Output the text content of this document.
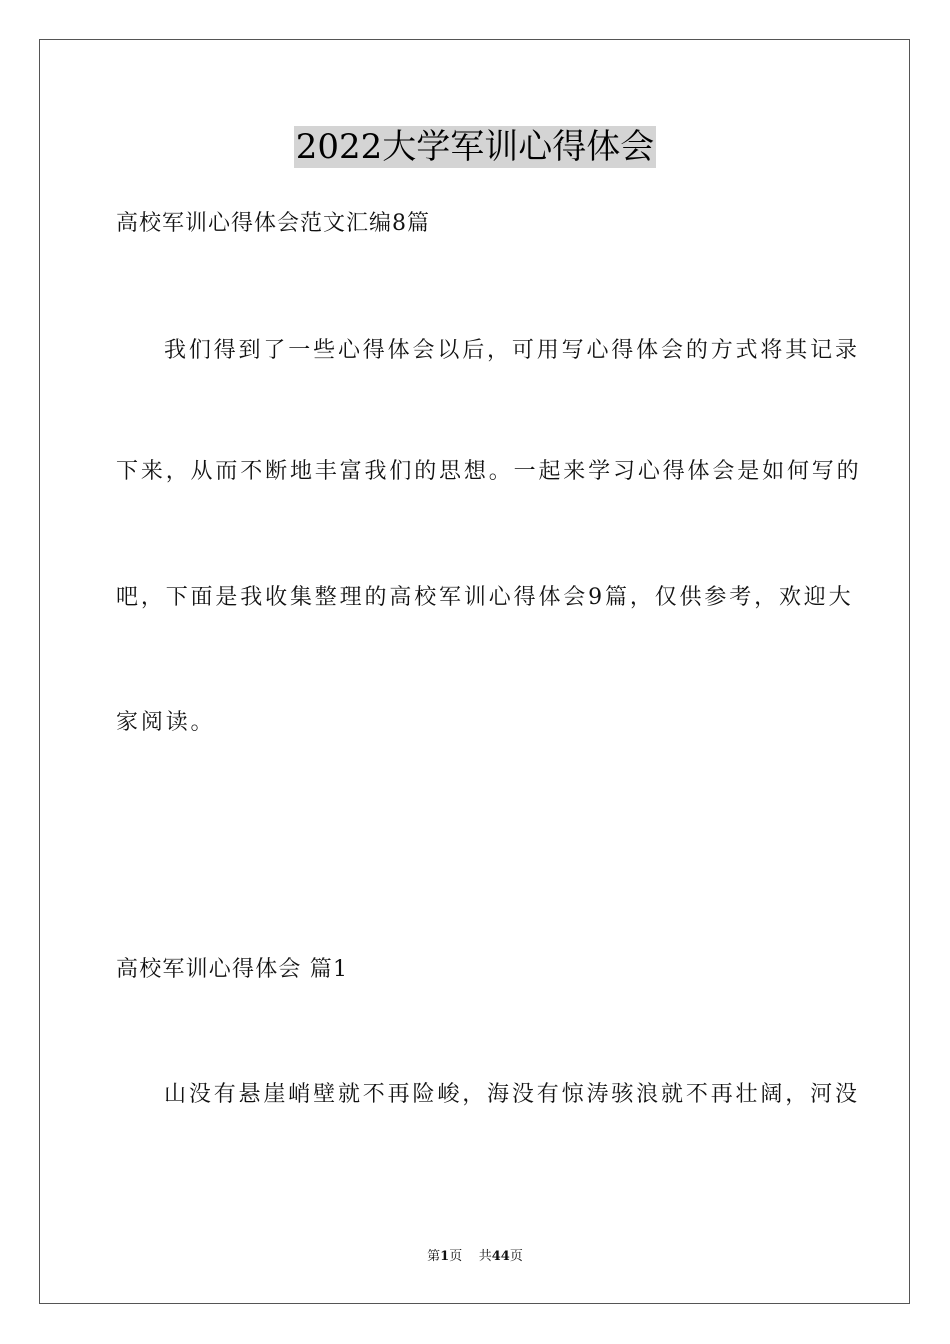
2022大学军训心得体会
高校军训心得体会范文汇编8篇
我们得到了一些心得体会以后，可用写心得体会的方式将其记录
下来，从而不断地丰富我们的思想。一起来学习心得体会是如何写的
吧，下面是我收集整理的高校军训心得体会9篇，仅供参考，欢迎大
家阅读。
高校军训心得体会 篇1
山没有悬崖峭壁就不再险峻，海没有惊涛骇浪就不再壮阔，河没
第1页 共44页
